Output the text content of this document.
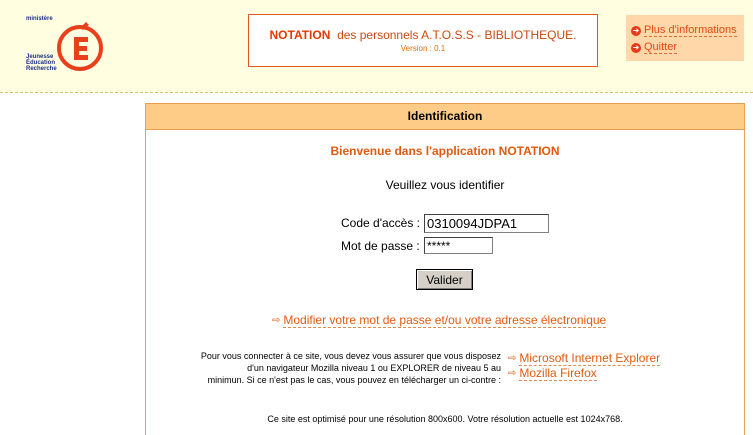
ministère
Jeunesse
Éducation
Recherche
NOTATION des personnels A.T.O.S.S - BIBLIOTHEQUE.
Version : 0.1
➜ Plus d'informations
➜ Quitter
Identification
Bienvenue dans l'application NOTATION
Veuillez vous identifier
Code d'accès :
0310094JDPA1
Mot de passe :
*****
Valider
⇨ Modifier votre mot de passe et/ou votre adresse électronique
Pour vous connecter à ce site, vous devez vous assurer que vous disposez
d'un navigateur Mozilla niveau 1 ou EXPLORER de niveau 5 au
minimun. Si ce n'est pas le cas, vous pouvez en télécharger un ci-contre :
⇨ Microsoft Internet Explorer
⇨ Mozilla Firefox
Ce site est optimisé pour une résolution 800x600. Votre résolution actuelle est 1024x768.
